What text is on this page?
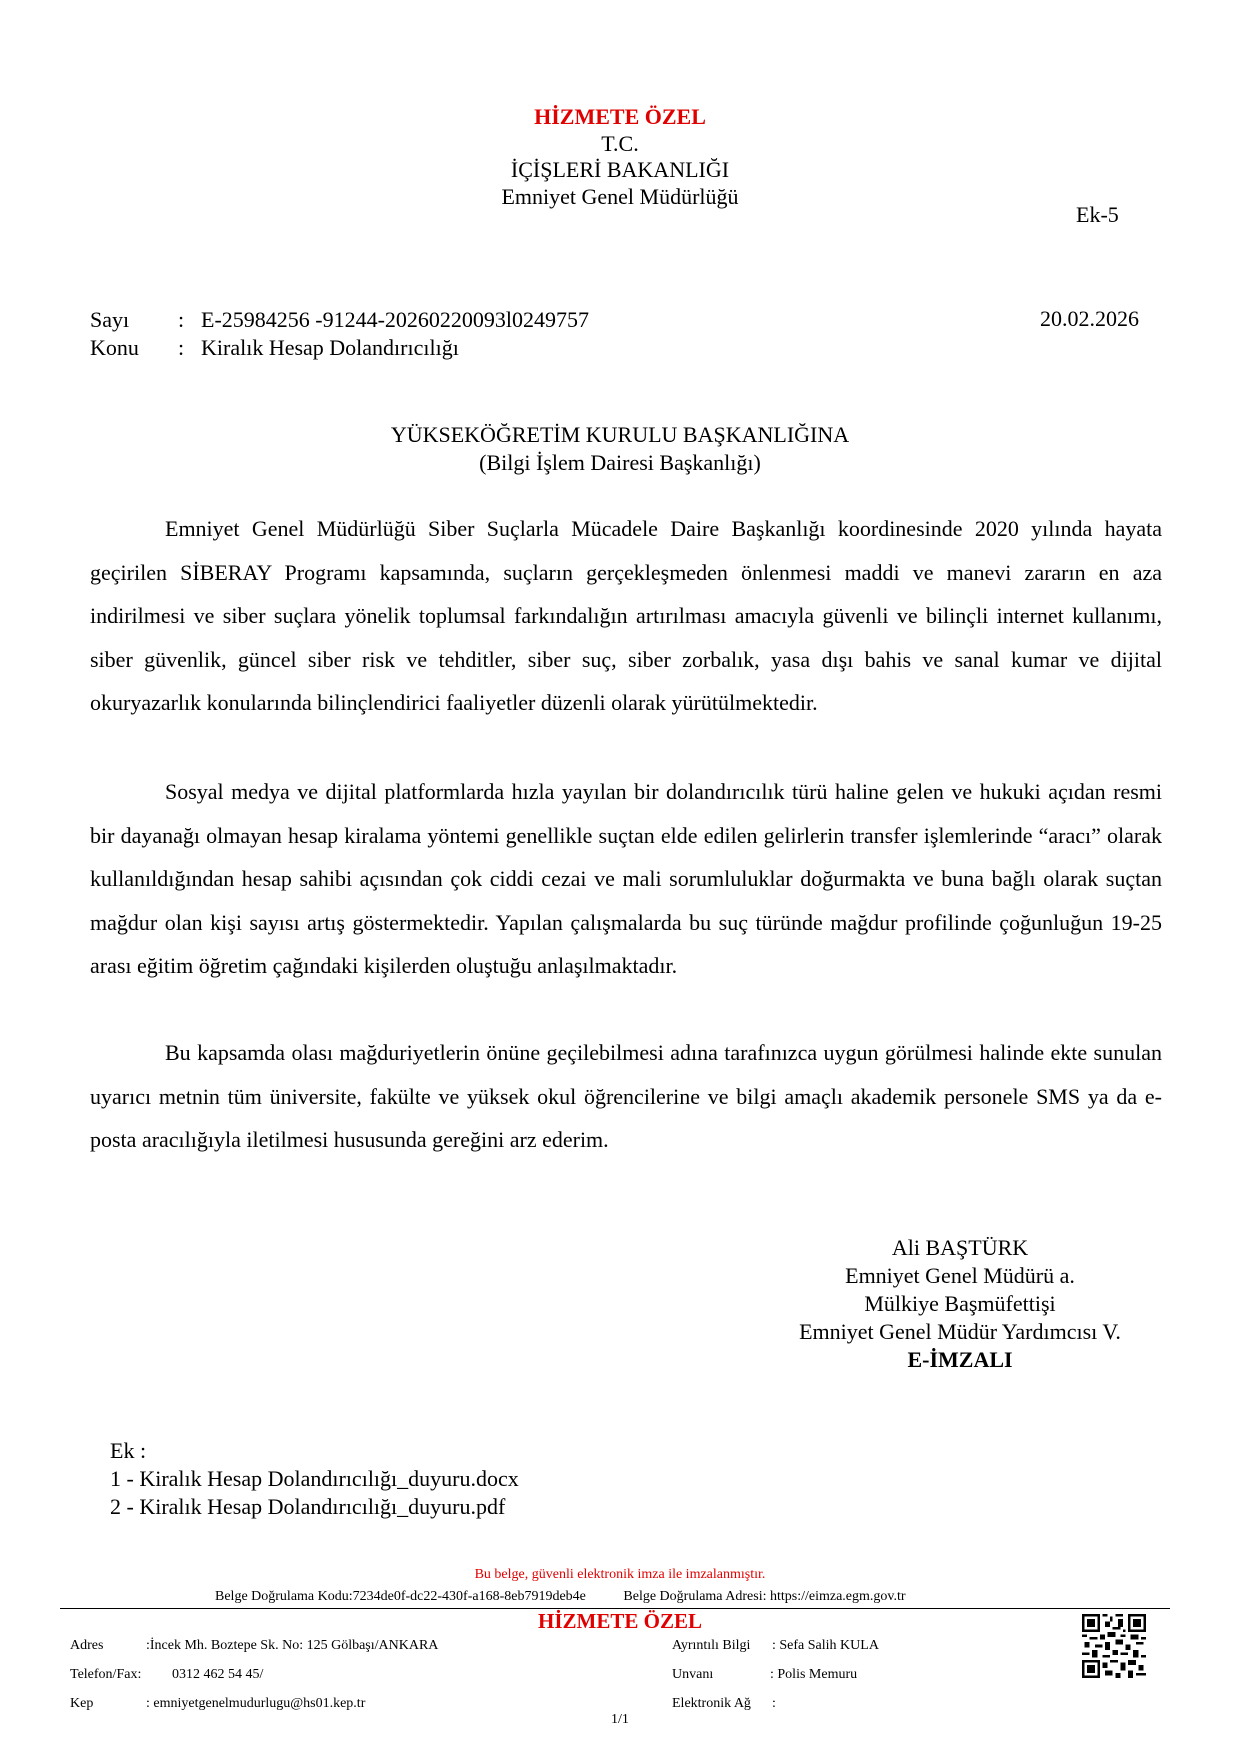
HİZMETE ÖZEL
T.C.
İÇİŞLERİ BAKANLIĞI
Emniyet Genel Müdürlüğü
Ek-5
Sayı : E-25984256 -91244-20260220093l0249757
Konu : Kiralık Hesap Dolandırıcılığı
20.02.2026
YÜKSEKÖĞRETİM KURULU BAŞKANLIĞINA
(Bilgi İşlem Dairesi Başkanlığı)

Emniyet Genel Müdürlüğü Siber Suçlarla Mücadele Daire Başkanlığı koordinesinde 2020 yılında hayata geçirilen SİBERAY Programı kapsamında, suçların gerçekleşmeden önlenmesi maddi ve manevi zararın en aza indirilmesi ve siber suçlara yönelik toplumsal farkındalığın artırılması amacıyla güvenli ve bilinçli internet kullanımı, siber güvenlik, güncel siber risk ve tehditler, siber suç, siber zorbalık, yasa dışı bahis ve sanal kumar ve dijital okuryazarlık konularında bilinçlendirici faaliyetler düzenli olarak yürütülmektedir.

Sosyal medya ve dijital platformlarda hızla yayılan bir dolandırıcılık türü haline gelen ve hukuki açıdan resmi bir dayanağı olmayan hesap kiralama yöntemi genellikle suçtan elde edilen gelirlerin transfer işlemlerinde “aracı” olarak kullanıldığından hesap sahibi açısından çok ciddi cezai ve mali sorumluluklar doğurmakta ve buna bağlı olarak suçtan mağdur olan kişi sayısı artış göstermektedir. Yapılan çalışmalarda bu suç türünde mağdur profilinde çoğunluğun 19-25 arası eğitim öğretim çağındaki kişilerden oluştuğu anlaşılmaktadır.

Bu kapsamda olası mağduriyetlerin önüne geçilebilmesi adına tarafınızca uygun görülmesi halinde ekte sunulan uyarıcı metnin tüm üniversite, fakülte ve yüksek okul öğrencilerine ve bilgi amaçlı akademik personele SMS ya da e-posta aracılığıyla iletilmesi hususunda gereğini arz ederim.

Ali BAŞTÜRK
Emniyet Genel Müdürü a.
Mülkiye Başmüfettişi
Emniyet Genel Müdür Yardımcısı V.
E-İMZALI
Ek :
1 - Kiralık Hesap Dolandırıcılığı_duyuru.docx
2 - Kiralık Hesap Dolandırıcılığı_duyuru.pdf
Bu belge, güvenli elektronik imza ile imzalanmıştır.
Belge Doğrulama Kodu:7234de0f-dc22-430f-a168-8eb7919deb4e	Belge Doğrulama Adresi: https://eimza.egm.gov.tr
HİZMETE ÖZEL
Adres	:İncek Mh. Boztepe Sk. No: 125 Gölbaşı/ANKARA
Telefon/Fax: 0312 462 54 45/
Kep	: emniyetgenelmudurlugu@hs01.kep.tr
Ayrıntılı Bilgi : Sefa Salih KULA
Unvanı	: Polis Memuru
Elektronik Ağ :
1/1
